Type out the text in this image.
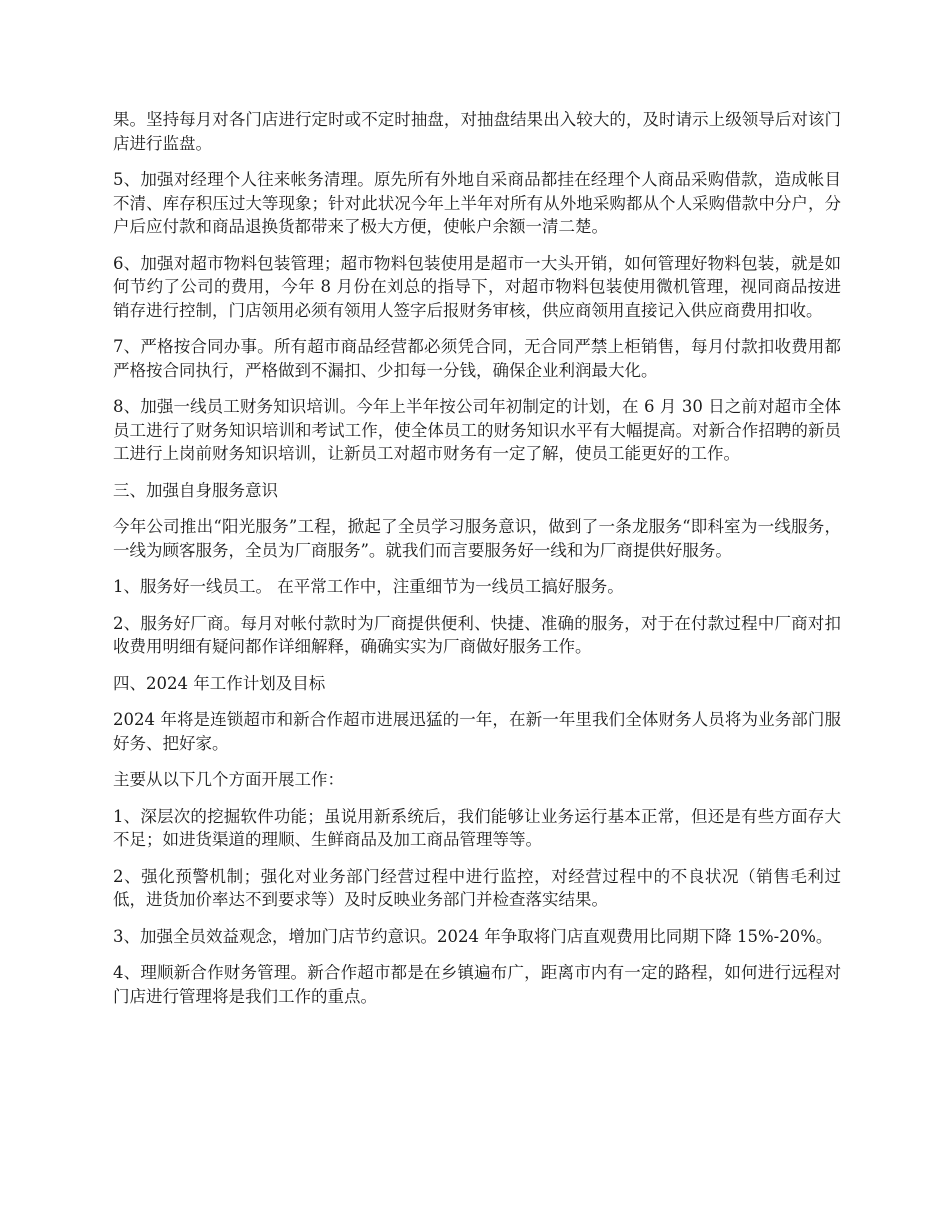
果。坚持每月对各门店进行定时或不定时抽盘，对抽盘结果出入较大的，及时请示上级领导后对该门店进行监盘。

5、加强对经理个人往来帐务清理。原先所有外地自采商品都挂在经理个人商品采购借款，造成帐目不清、库存积压过大等现象；针对此状况今年上半年对所有从外地采购都从个人采购借款中分户，分户后应付款和商品退换货都带来了极大方便，使帐户余额一清二楚。

6、加强对超市物料包装管理；超市物料包装使用是超市一大头开销，如何管理好物料包装，就是如何节约了公司的费用，今年 8 月份在刘总的指导下，对超市物料包装使用微机管理，视同商品按进销存进行控制，门店领用必须有领用人签字后报财务审核，供应商领用直接记入供应商费用扣收。

7、严格按合同办事。所有超市商品经营都必须凭合同，无合同严禁上柜销售，每月付款扣收费用都严格按合同执行，严格做到不漏扣、少扣每一分钱，确保企业利润最大化。

8、加强一线员工财务知识培训。今年上半年按公司年初制定的计划，在 6 月 30 日之前对超市全体员工进行了财务知识培训和考试工作，使全体员工的财务知识水平有大幅提高。对新合作招聘的新员工进行上岗前财务知识培训，让新员工对超市财务有一定了解，使员工能更好的工作。

三、加强自身服务意识

今年公司推出“阳光服务”工程，掀起了全员学习服务意识，做到了一条龙服务“即科室为一线服务，一线为顾客服务，全员为厂商服务”。就我们而言要服务好一线和为厂商提供好服务。

1、服务好一线员工。 在平常工作中，注重细节为一线员工搞好服务。

2、服务好厂商。每月对帐付款时为厂商提供便利、快捷、准确的服务，对于在付款过程中厂商对扣收费用明细有疑问都作详细解释，确确实实为厂商做好服务工作。

四、2024 年工作计划及目标

2024 年将是连锁超市和新合作超市进展迅猛的一年，在新一年里我们全体财务人员将为业务部门服好务、把好家。

主要从以下几个方面开展工作：

1、深层次的挖掘软件功能；虽说用新系统后，我们能够让业务运行基本正常，但还是有些方面存大不足；如进货渠道的理顺、生鲜商品及加工商品管理等等。

2、强化预警机制；强化对业务部门经营过程中进行监控，对经营过程中的不良状况（销售毛利过低，进货加价率达不到要求等）及时反映业务部门并检查落实结果。

3、加强全员效益观念，增加门店节约意识。2024 年争取将门店直观费用比同期下降 15%-20%。

4、理顺新合作财务管理。新合作超市都是在乡镇遍布广，距离市内有一定的路程，如何进行远程对门店进行管理将是我们工作的重点。
